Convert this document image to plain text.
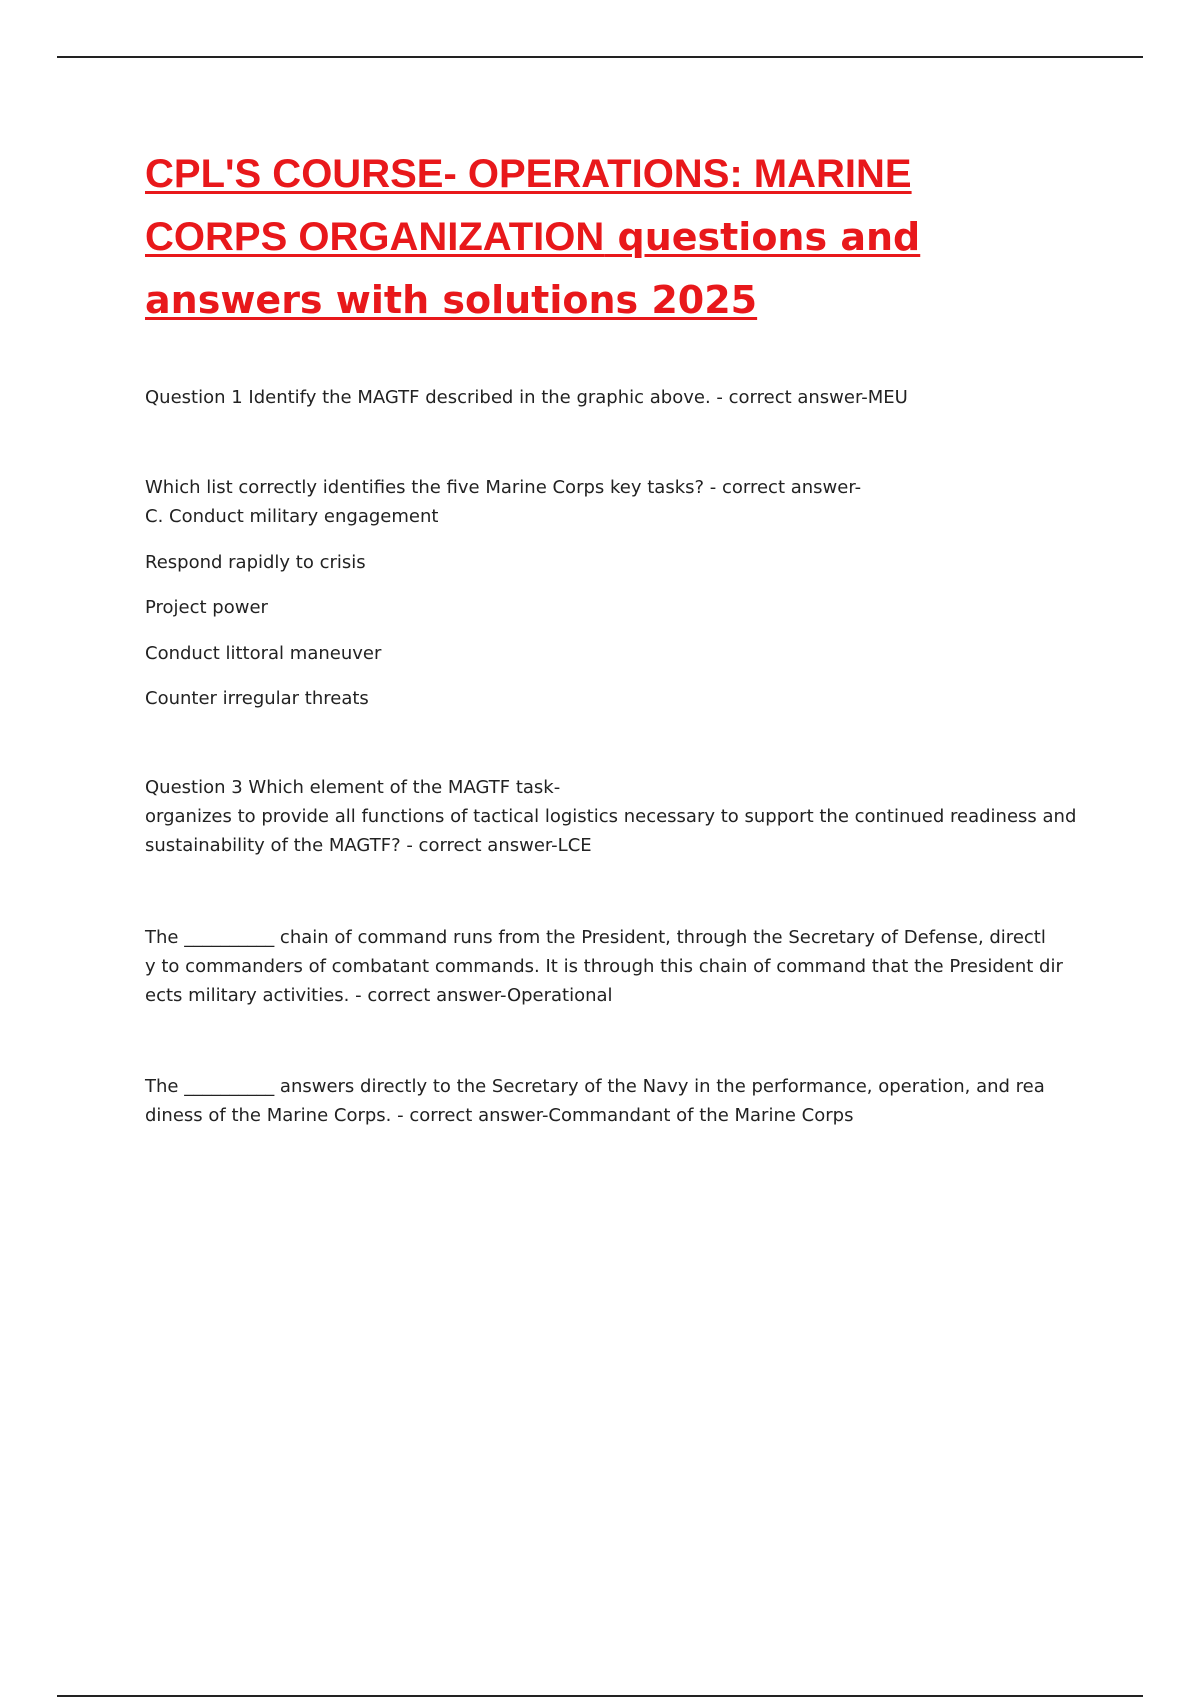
CPL'S COURSE- OPERATIONS: MARINE
CORPS ORGANIZATION questions and
answers with solutions 2025

Question 1 Identify the MAGTF described in the graphic above. - correct answer-MEU

Which list correctly identifies the five Marine Corps key tasks? - correct answer-
C. Conduct military engagement

Respond rapidly to crisis

Project power

Conduct littoral maneuver

Counter irregular threats

Question 3 Which element of the MAGTF task-
organizes to provide all functions of tactical logistics necessary to support the continued readiness and
sustainability of the MAGTF? - correct answer-LCE

The __________ chain of command runs from the President, through the Secretary of Defense, directl
y to commanders of combatant commands. It is through this chain of command that the President dir
ects military activities. - correct answer-Operational

The __________ answers directly to the Secretary of the Navy in the performance, operation, and rea
diness of the Marine Corps. - correct answer-Commandant of the Marine Corps
